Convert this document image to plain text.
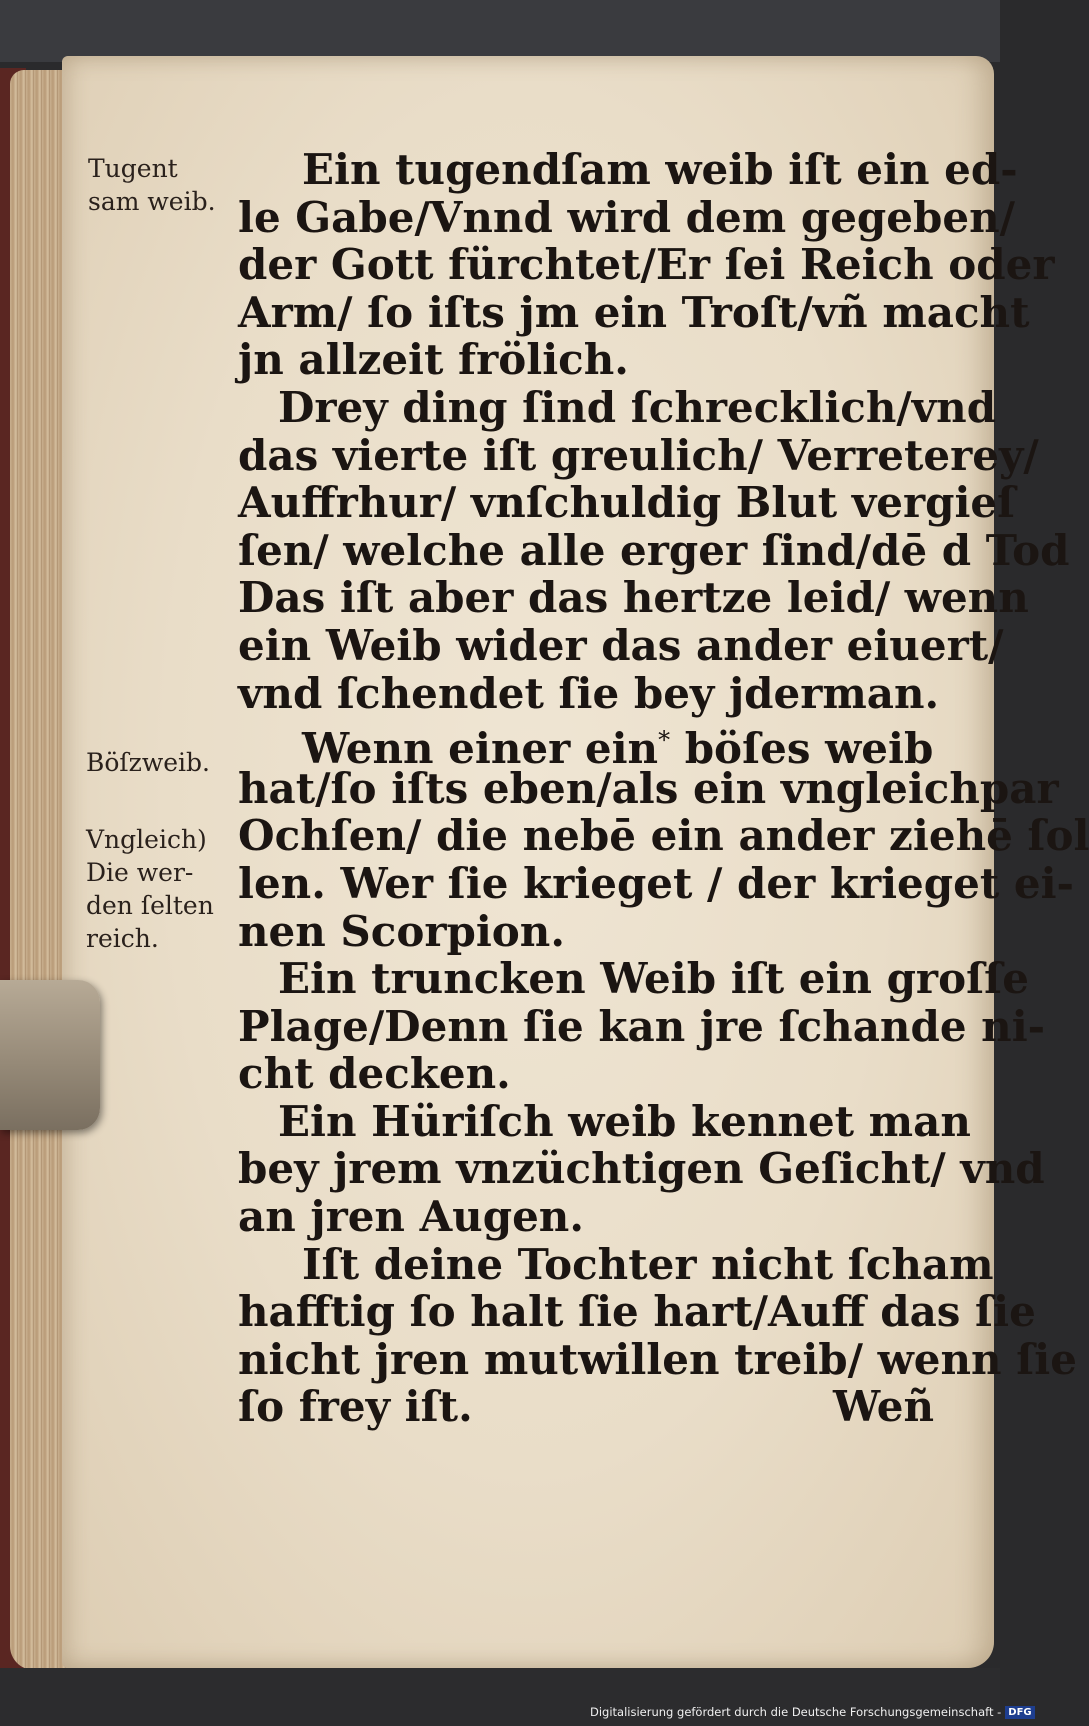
Tugent
sam weib.
Böſzweib.
Vngleich)
Die wer-
den ſelten
reich.
Ein tugendſam weib iſt ein ed-
le Gabe/Vnnd wird dem gegeben/
der Gott fürchtet/Er ſei Reich oder
Arm/ ſo iſts jm ein Troſt/vñ macht
jn allzeit frölich.
Drey ding ſind ſchrecklich/vnd
das vierte iſt greulich/ Verreterey/
Auffrhur/ vnſchuldig Blut vergieſ
ſen/ welche alle erger ſind/dē d Tod
Das iſt aber das hertze leid/ wenn
ein Weib wider das ander eiuert/
vnd ſchendet ſie bey jderman.
Wenn einer ein* böſes weib
hat/ſo iſts eben/als ein vngleichpar
Ochſen/ die nebē ein ander ziehē ſol
len. Wer ſie krieget / der krieget ei-
nen Scorpion.
Ein truncken Weib iſt ein groſſe
Plage/Denn ſie kan jre ſchande ni-
cht decken.
Ein Hüriſch weib kennet man
bey jrem vnzüchtigen Geſicht/ vnd
an jren Augen.
Iſt deine Tochter nicht ſcham
hafftig ſo halt ſie hart/Auff das ſie
nicht jren mutwillen treib/ wenn ſie
ſo frey iſt.	Weñ
Digitalisierung gefördert durch die Deutsche Forschungsgemeinschaft - DFG
